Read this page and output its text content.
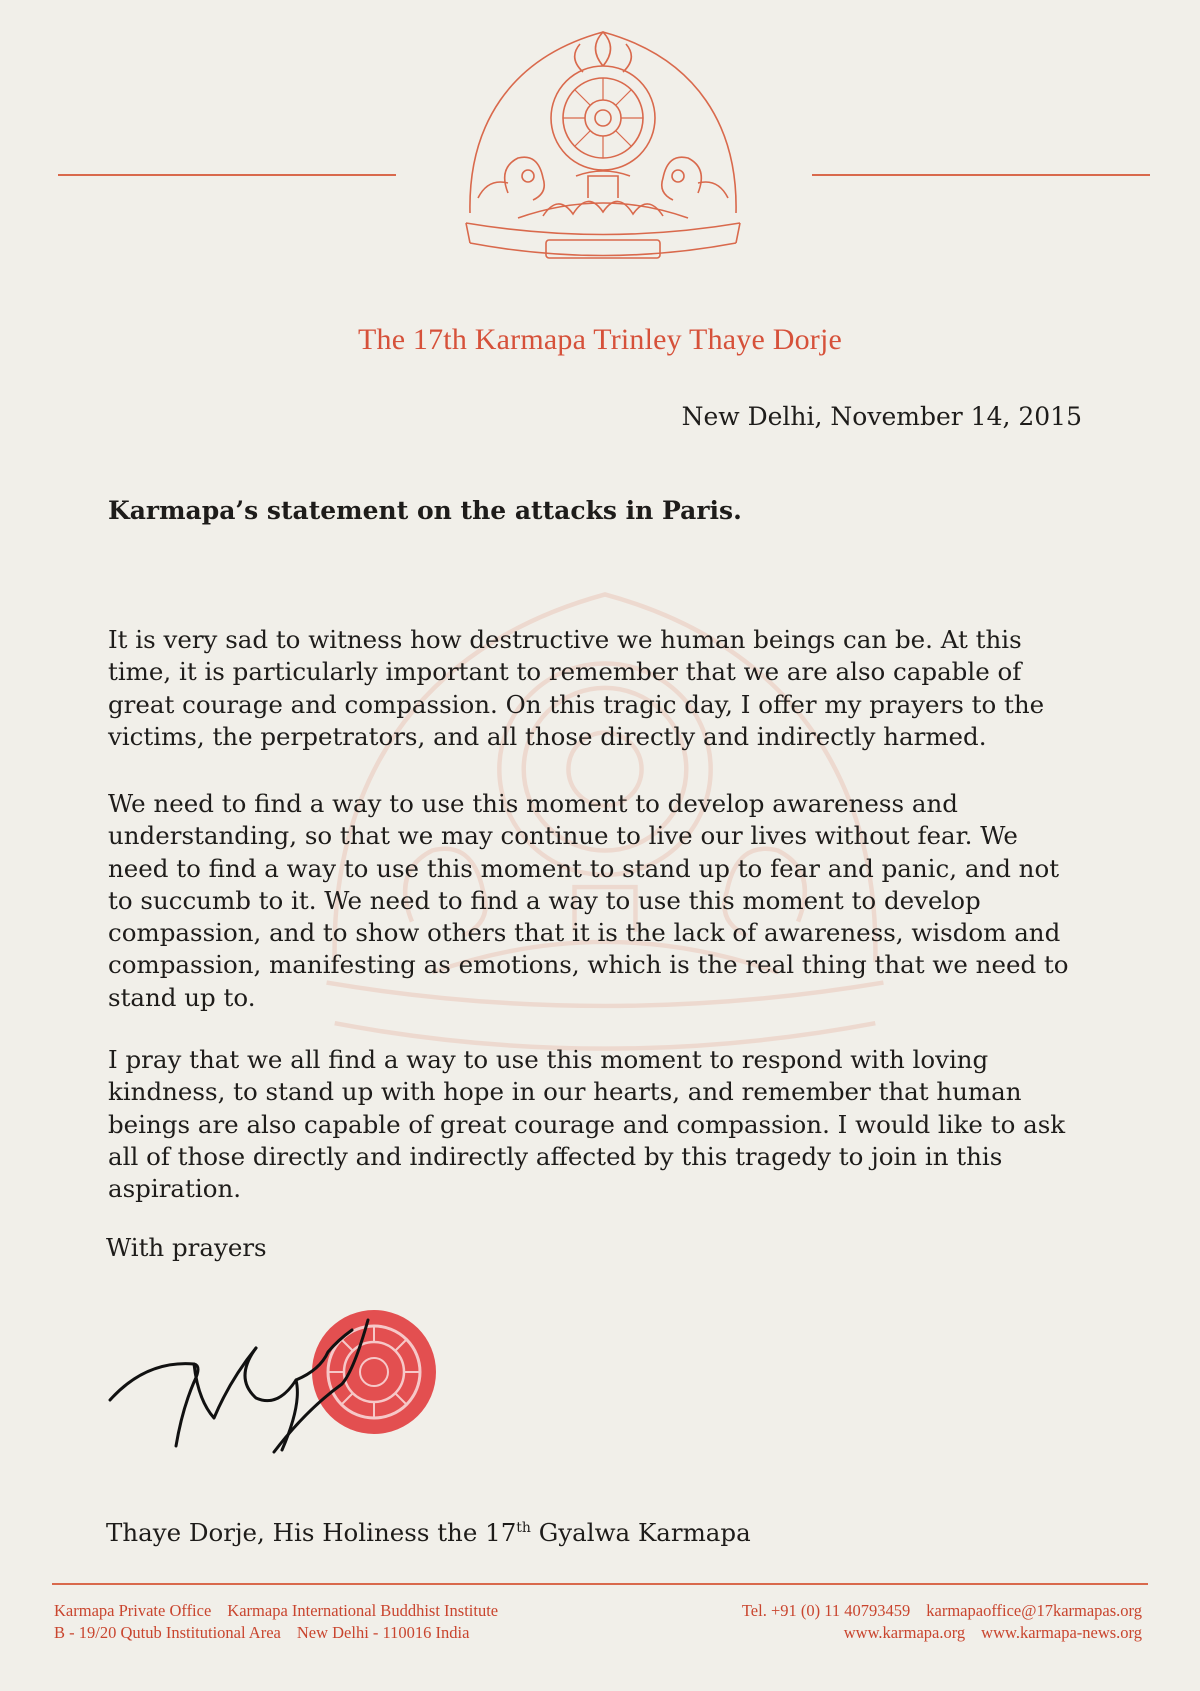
The 17th Karmapa Trinley Thaye Dorje
New Delhi, November 14, 2015
Karmapa’s statement on the attacks in Paris.
It is very sad to witness how destructive we human beings can be. At this
time, it is particularly important to remember that we are also capable of
great courage and compassion. On this tragic day, I offer my prayers to the
victims, the perpetrators, and all those directly and indirectly harmed.
We need to find a way to use this moment to develop awareness and
understanding, so that we may continue to live our lives without fear. We
need to find a way to use this moment to stand up to fear and panic, and not
to succumb to it. We need to find a way to use this moment to develop
compassion, and to show others that it is the lack of awareness, wisdom and
compassion, manifesting as emotions, which is the real thing that we need to
stand up to.
I pray that we all find a way to use this moment to respond with loving
kindness, to stand up with hope in our hearts, and remember that human
beings are also capable of great courage and compassion. I would like to ask
all of those directly and indirectly affected by this tragedy to join in this
aspiration.
With prayers
Thaye Dorje, His Holiness the 17th Gyalwa Karmapa
Karmapa Private Office Karmapa International Buddhist Institute
B - 19/20 Qutub Institutional Area New Delhi - 110016 India
Tel. +91 (0) 11 40793459 karmapaoffice@17karmapas.org
www.karmapa.org www.karmapa-news.org
